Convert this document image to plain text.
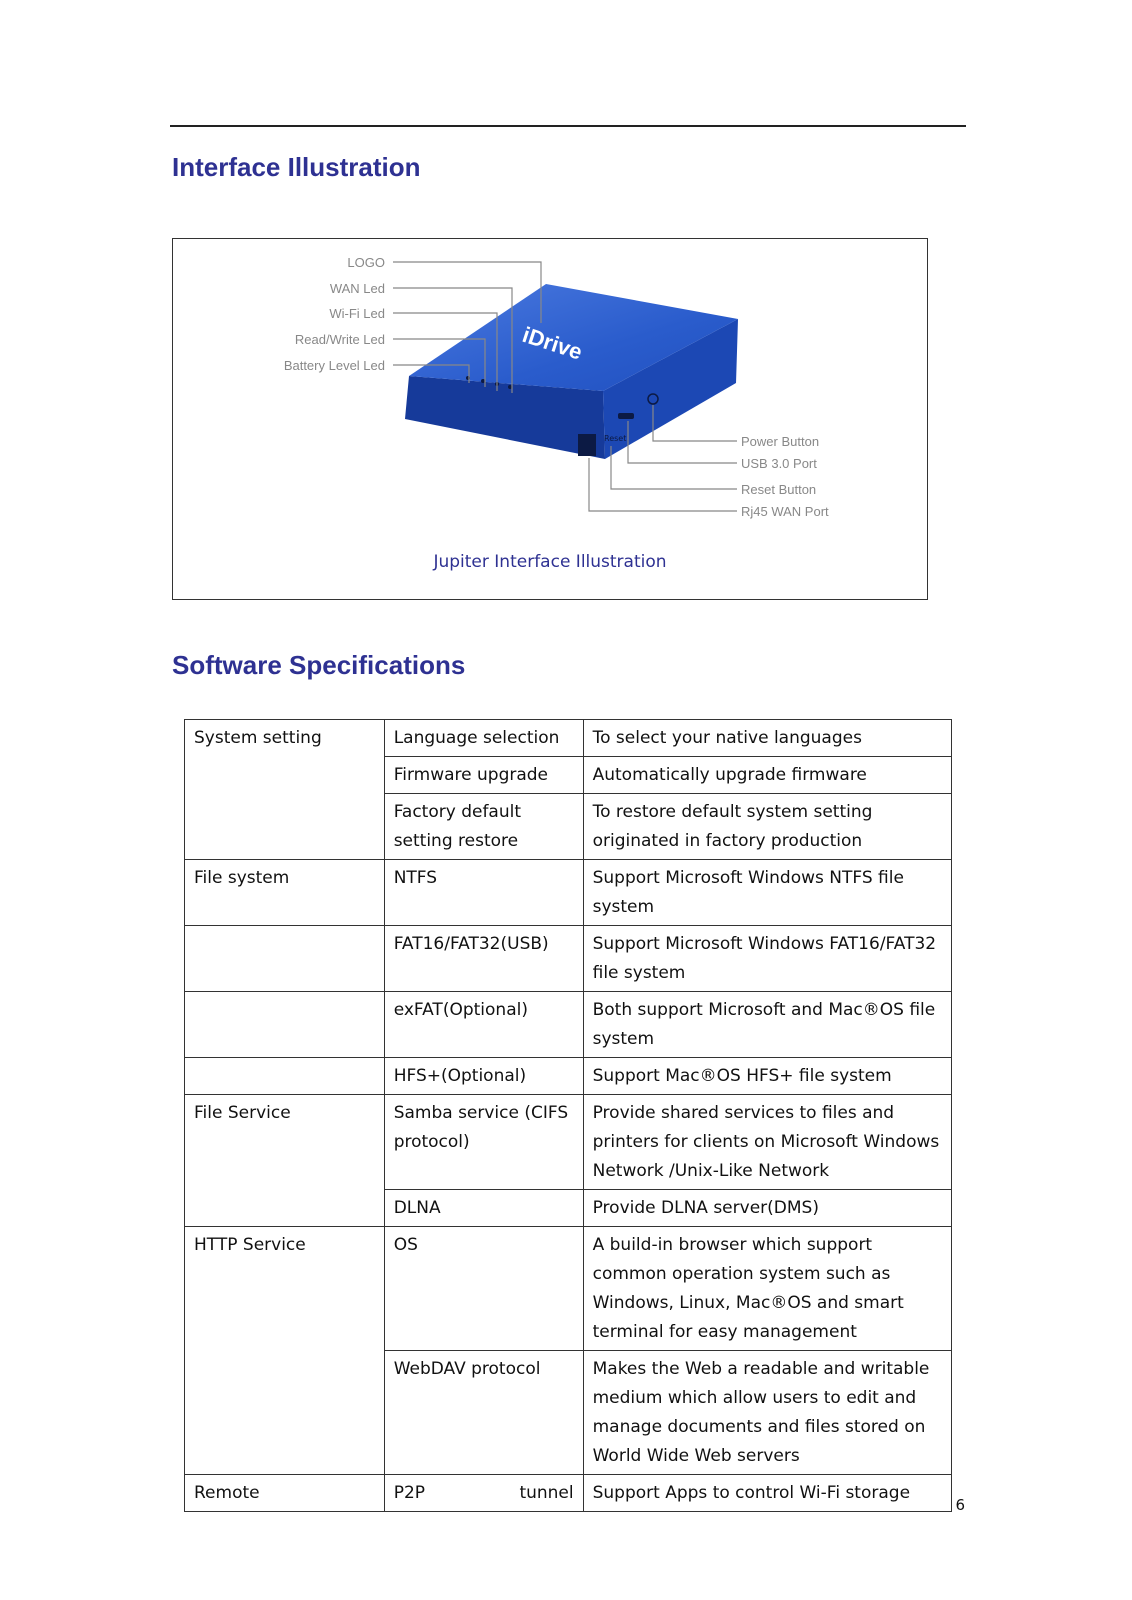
Interface Illustration
iDrive
Reset
LOGO
WAN Led
Wi-Fi Led
Read/Write Led
Battery Level Led
Power Button
USB 3.0 Port
Reset Button
Rj45 WAN Port
Jupiter Interface Illustration
Software Specifications
System setting	Language selection	To select your native languages
	Firmware upgrade	Automatically upgrade firmware
	Factory default setting restore	To restore default system setting originated in factory production
File system	NTFS	Support Microsoft Windows NTFS file system
	FAT16/FAT32(USB)	Support Microsoft Windows FAT16/FAT32 file system
	exFAT(Optional)	Both support Microsoft and Mac®OS file system
	HFS+(Optional)	Support Mac®OS HFS+ file system
File Service	Samba service (CIFS protocol)	Provide shared services to files and printers for clients on Microsoft Windows Network /Unix-Like Network
	DLNA	Provide DLNA server(DMS)
HTTP Service	OS	A build-in browser which support common operation system such as Windows, Linux, Mac®OS and smart terminal for easy management
	WebDAV protocol	Makes the Web a readable and writable medium which allow users to edit and manage documents and files stored on World Wide Web servers
Remote	P2P tunnel	Support Apps to control Wi-Fi storage
6
